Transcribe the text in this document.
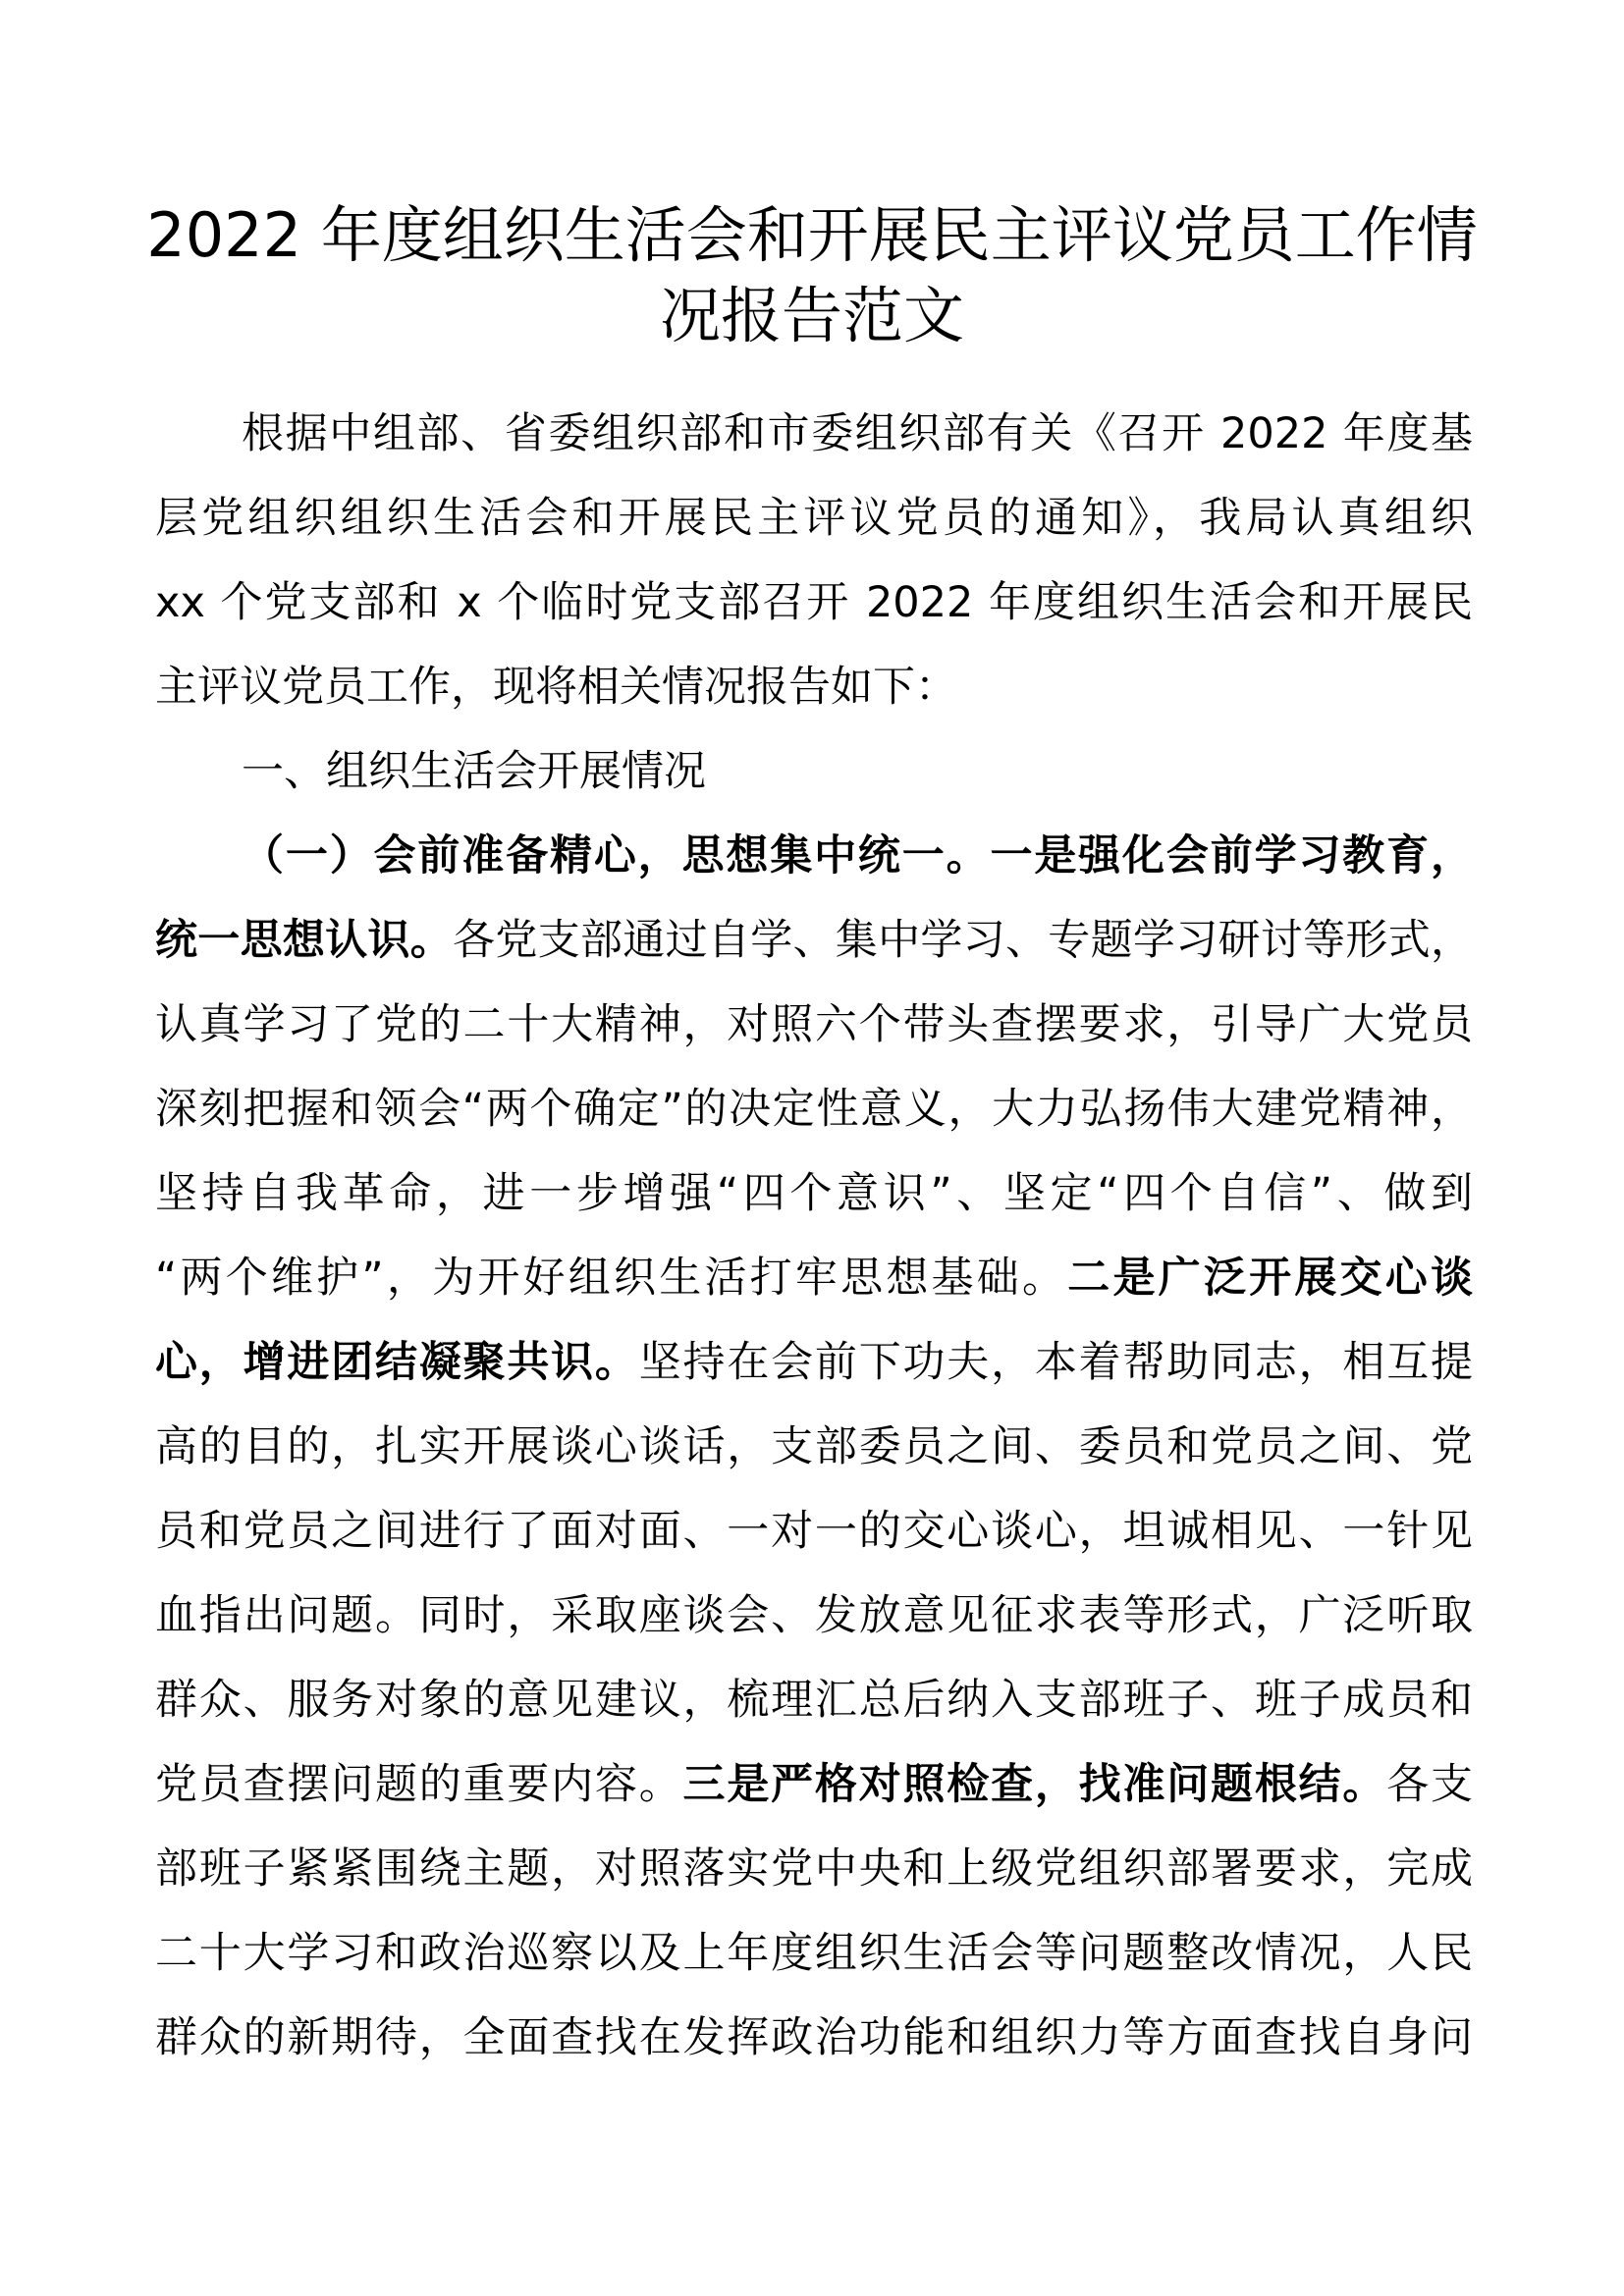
2022 年度组织生活会和开展民主评议党员工作情
况报告范文
根据中组部、省委组织部和市委组织部有关《召开 2022 年度基
层党组织组织生活会和开展民主评议党员的通知》，我局认真组织
xx 个党支部和 x 个临时党支部召开 2022 年度组织生活会和开展民
主评议党员工作，现将相关情况报告如下：
一、组织生活会开展情况
（一）会前准备精心，思想集中统一。一是强化会前学习教育，
统一思想认识。各党支部通过自学、集中学习、专题学习研讨等形式，
认真学习了党的二十大精神，对照六个带头查摆要求，引导广大党员
深刻把握和领会“两个确定”的决定性意义，大力弘扬伟大建党精神，
坚持自我革命，进一步增强“四个意识”、坚定“四个自信”、做到
“两个维护”，为开好组织生活打牢思想基础。二是广泛开展交心谈
心，增进团结凝聚共识。坚持在会前下功夫，本着帮助同志，相互提
高的目的，扎实开展谈心谈话，支部委员之间、委员和党员之间、党
员和党员之间进行了面对面、一对一的交心谈心，坦诚相见、一针见
血指出问题。同时，采取座谈会、发放意见征求表等形式，广泛听取
群众、服务对象的意见建议，梳理汇总后纳入支部班子、班子成员和
党员查摆问题的重要内容。三是严格对照检查，找准问题根结。各支
部班子紧紧围绕主题，对照落实党中央和上级党组织部署要求，完成
二十大学习和政治巡察以及上年度组织生活会等问题整改情况，人民
群众的新期待，全面查找在发挥政治功能和组织力等方面查找自身问
